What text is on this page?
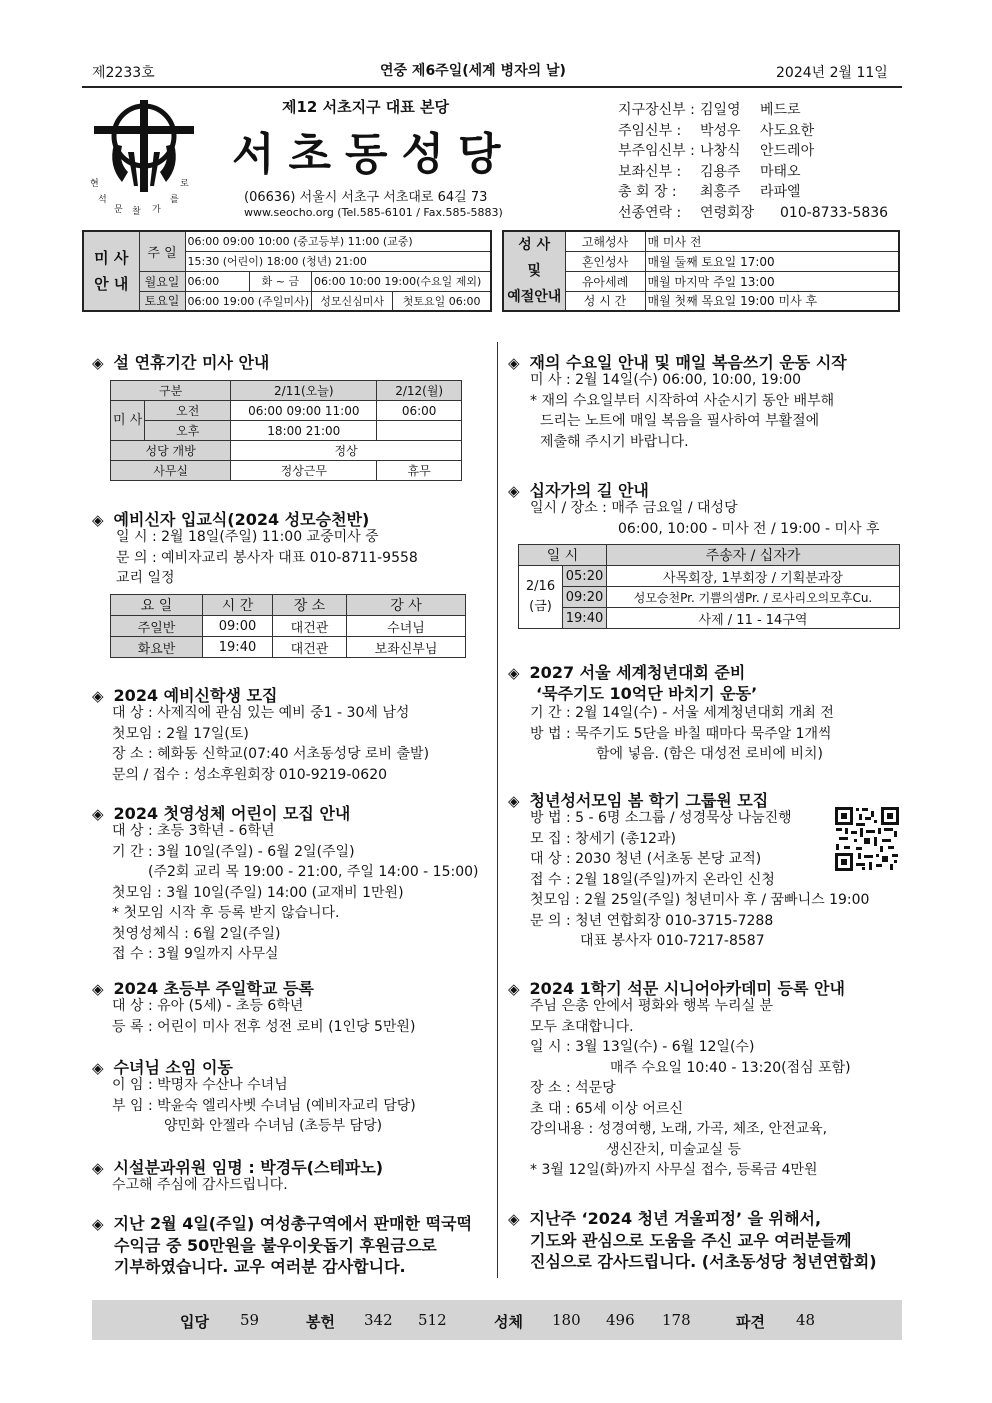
제2233호	연중 제6주일(세계 병자의 날)	2024년 2월 11일
현
석
문 찰 가
를
로
제12 서초지구 대표 본당
서초동성당
(06636) 서울시 서초구 서초대로 64길 73
www.seocho.org (Tel.585-6101 / Fax.585-5883)
지구장신부 : 김일영 베드로
주임신부 : 박성우 사도요한
부주임신부 : 나창식 안드레아
보좌신부 : 김용주 마태오
총 회 장 : 최흥주 라파엘
선종연락 : 연령회장 010-8733-5836
미 사
안 내	주 일	06:00 09:00 10:00 (중고등부) 11:00 (교중)			
		15:30 (어린이) 18:00 (청년) 21:00			
	월요일	06:00	화 ~ 금	06:00 10:00 19:00(수요일 제외)	
	토요일	06:00 19:00 (주일미사)		성모신심미사	첫토요일 06:00
성 사
및
예절안내	고해성사	매 미사 전
	혼인성사	매월 둘째 토요일 17:00
	유아세례	매월 마지막 주일 13:00
	성 시 간	매월 첫째 목요일 19:00 미사 후
◈ 설 연휴기간 미사 안내
구분		2/11(오늘)	2/12(월)
미 사	오전	06:00 09:00 11:00	06:00
	오후	18:00 21:00	
성당 개방		정상	
사무실		정상근무	휴무
◈ 예비신자 입교식(2024 성모승천반)
일 시 : 2월 18일(주일) 11:00 교중미사 중
문 의 : 예비자교리 봉사자 대표 010-8711-9558
교리 일정
요 일	시 간	장 소	강 사
주일반	09:00	대건관	수녀님
화요반	19:40	대건관	보좌신부님
◈ 2024 예비신학생 모집
대 상 : 사제직에 관심 있는 예비 중1 - 30세 남성
첫모임 : 2월 17일(토)
장 소 : 혜화동 신학교(07:40 서초동성당 로비 출발)
문의 / 접수 : 성소후원회장 010-9219-0620
◈ 2024 첫영성체 어린이 모집 안내
대 상 : 초등 3학년 - 6학년
기 간 : 3월 10일(주일) - 6월 2일(주일)
(주2회 교리 목 19:00 - 21:00, 주일 14:00 - 15:00)
첫모임 : 3월 10일(주일) 14:00 (교재비 1만원)
* 첫모임 시작 후 등록 받지 않습니다.
첫영성체식 : 6월 2일(주일)
접 수 : 3월 9일까지 사무실
◈ 2024 초등부 주일학교 등록
대 상 : 유아 (5세) - 초등 6학년
등 록 : 어린이 미사 전후 성전 로비 (1인당 5만원)
◈ 수녀님 소임 이동
이 임 : 박명자 수산나 수녀님
부 임 : 박윤숙 엘리사벳 수녀님 (예비자교리 담당)
양민화 안젤라 수녀님 (초등부 담당)
◈ 시설분과위원 임명 : 박경두(스테파노)
수고해 주심에 감사드립니다.
◈ 지난 2월 4일(주일) 여성총구역에서 판매한 떡국떡
수익금 중 50만원을 불우이웃돕기 후원금으로
기부하였습니다. 교우 여러분 감사합니다.
◈ 재의 수요일 안내 및 매일 복음쓰기 운동 시작
미 사 : 2월 14일(수) 06:00, 10:00, 19:00
* 재의 수요일부터 시작하여 사순시기 동안 배부해
드리는 노트에 매일 복음을 필사하여 부활절에
제출해 주시기 바랍니다.
◈ 십자가의 길 안내
일시 / 장소 : 매주 금요일 / 대성당
06:00, 10:00 - 미사 전 / 19:00 - 미사 후
일 시		주송자 / 십자가

2/16
(금)	05:20	사목회장, 1부회장 / 기획분과장
	09:20	성모승천Pr. 기쁨의샘Pr. / 로사리오의모후Cu.
	19:40	사제 / 11 - 14구역
◈ 2027 서울 세계청년대회 준비
‘묵주기도 10억단 바치기 운동’
기 간 : 2월 14일(수) - 서울 세계청년대회 개최 전
방 법 : 묵주기도 5단을 바칠 때마다 묵주알 1개씩
함에 넣음. (함은 대성전 로비에 비치)
◈ 청년성서모임 봄 학기 그룹원 모집
방 법 : 5 - 6명 소그룹 / 성경묵상 나눔진행
모 집 : 창세기 (총12과)
대 상 : 2030 청년 (서초동 본당 교적)
접 수 : 2월 18일(주일)까지 온라인 신청
첫모임 : 2월 25일(주일) 청년미사 후 / 꿈빠니스 19:00
문 의 : 청년 연합회장 010-3715-7288
대표 봉사자 010-7217-8587
◈ 2024 1학기 석문 시니어아카데미 등록 안내
주님 은총 안에서 평화와 행복 누리실 분
모두 초대합니다.
일 시 : 3월 13일(수) - 6월 12일(수)
매주 수요일 10:40 - 13:20(점심 포함)
장 소 : 석문당
초 대 : 65세 이상 어르신
강의내용 : 성경여행, 노래, 가곡, 체조, 안전교육,
생신잔치, 미술교실 등
* 3월 12일(화)까지 사무실 접수, 등록금 4만원
◈ 지난주 ‘2024 청년 겨울피정’ 을 위해서,
기도와 관심으로 도움을 주신 교우 여러분들께
진심으로 감사드립니다. (서초동성당 청년연합회)
입당 59	봉헌 342 512	성체 180 496 178	파견 48
